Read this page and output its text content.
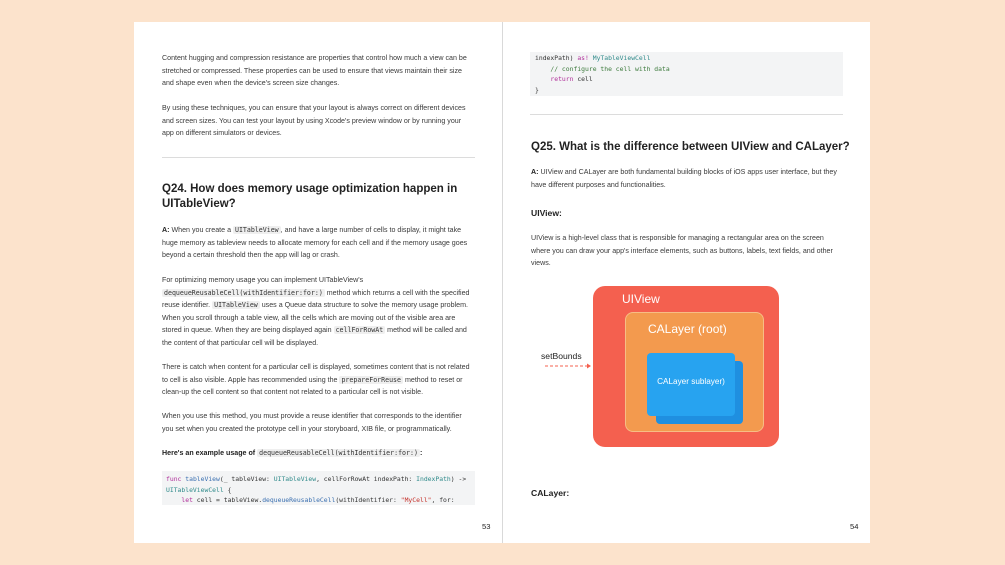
Content hugging and compression resistance are properties that control how much a view can be stretched or compressed. These properties can be used to ensure that views maintain their size and shape even when the device's screen size changes.

By using these techniques, you can ensure that your layout is always correct on different devices and screen sizes. You can test your layout by using Xcode's preview window or by running your app on different simulators or devices.

Q24. How does memory usage optimization happen in UITableView?

A: When you create a UITableView , and have a large number of cells to display, it might take huge memory as tableview needs to allocate memory for each cell and if the memory usage goes beyond a certain threshold then the app will lag or crash.

For optimizing memory usage you can implement UITableView's
dequeueReusableCell(withIdentifier:for:) method which returns a cell with the specified reuse identifier. UITableView uses a Queue data structure to solve the memory usage problem. When you scroll through a table view, all the cells which are moving out of the visible area are stored in queue. When they are being displayed again cellForRowAt method will be called and the content of that particular cell will be displayed.

There is catch when content for a particular cell is displayed, sometimes content that is not related to cell is also visible. Apple has recommended using the prepareForReuse method to reset or clean-up the cell content so that content not related to a particular cell is not visible.

When you use this method, you must provide a reuse identifier that corresponds to the identifier you set when you created the prototype cell in your storyboard, XIB file, or programmatically.

Here's an example usage of dequeueReusableCell(withIdentifier:for:) :

func tableView(_ tableView: UITableView, cellForRowAt indexPath: IndexPath) ->
UITableViewCell {
let cell = tableView.dequeueReusableCell(withIdentifier: "MyCell", for:
53
indexPath) as! MyTableViewCell
// configure the cell with data
return cell
}
Q25. What is the difference between UIView and CALayer?

A: UIView and CALayer are both fundamental building blocks of iOS apps user interface, but they have different purposes and functionalities.

UIView:

UIView is a high-level class that is responsible for managing a rectangular area on the screen where you can draw your app's interface elements, such as buttons, labels, text fields, and other views.

UIView
CALayer (root)
CALayer sublayer)
setBounds
CALayer:
54
